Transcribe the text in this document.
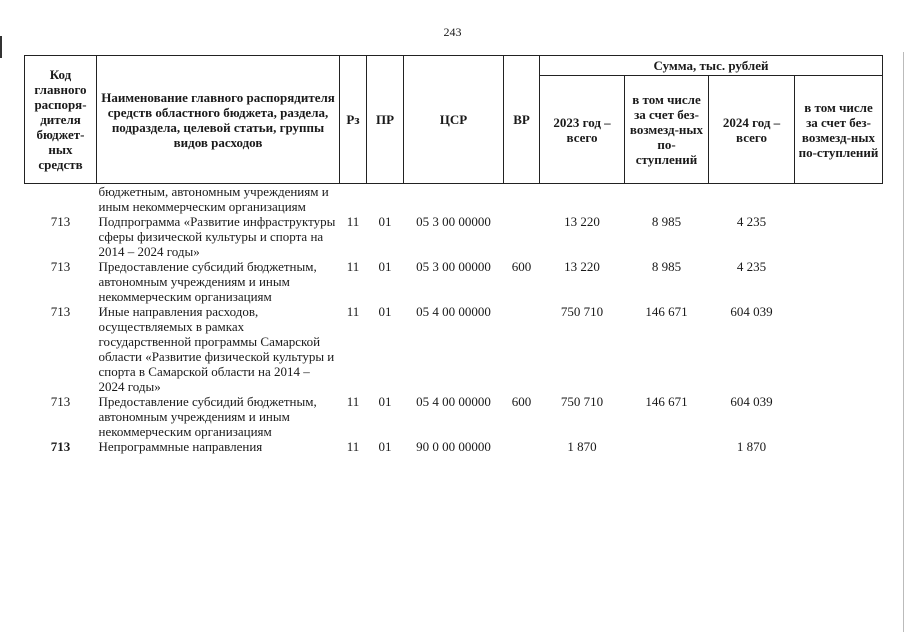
243
Код главного распоря-дителя бюджет-ных средств	Наименование главного распорядителя средств областного бюджета, раздела, подраздела, целевой статьи, группы видов расходов	Рз	ПР	ЦСР	ВР	Сумма, тыс. рублей			
						2023 год – всего	в том числе за счет без-возмезд-ных по-ступлений	2024 год – всего	в том числе за счет без-возмезд-ных по-ступлений
	бюджетным, автономным учреждениям и иным некоммерческим организациям								
713	Подпрограмма «Развитие инфраструктуры сферы физической культуры и спорта на 2014 – 2024 годы»	11	01	05 3 00 00000		13 220	8 985	4 235	
713	Предоставление субсидий бюджетным, автономным учреждениям и иным некоммерческим организациям	11	01	05 3 00 00000	600	13 220	8 985	4 235	
713	Иные направления расходов, осуществляемых в рамках государственной программы Самарской области «Развитие физической культуры и спорта в Самарской области на 2014 – 2024 годы»	11	01	05 4 00 00000		750 710	146 671	604 039	
713	Предоставление субсидий бюджетным, автономным учреждениям и иным некоммерческим организациям	11	01	05 4 00 00000	600	750 710	146 671	604 039	
713	Непрограммные направления	11	01	90 0 00 00000		1 870		1 870	
